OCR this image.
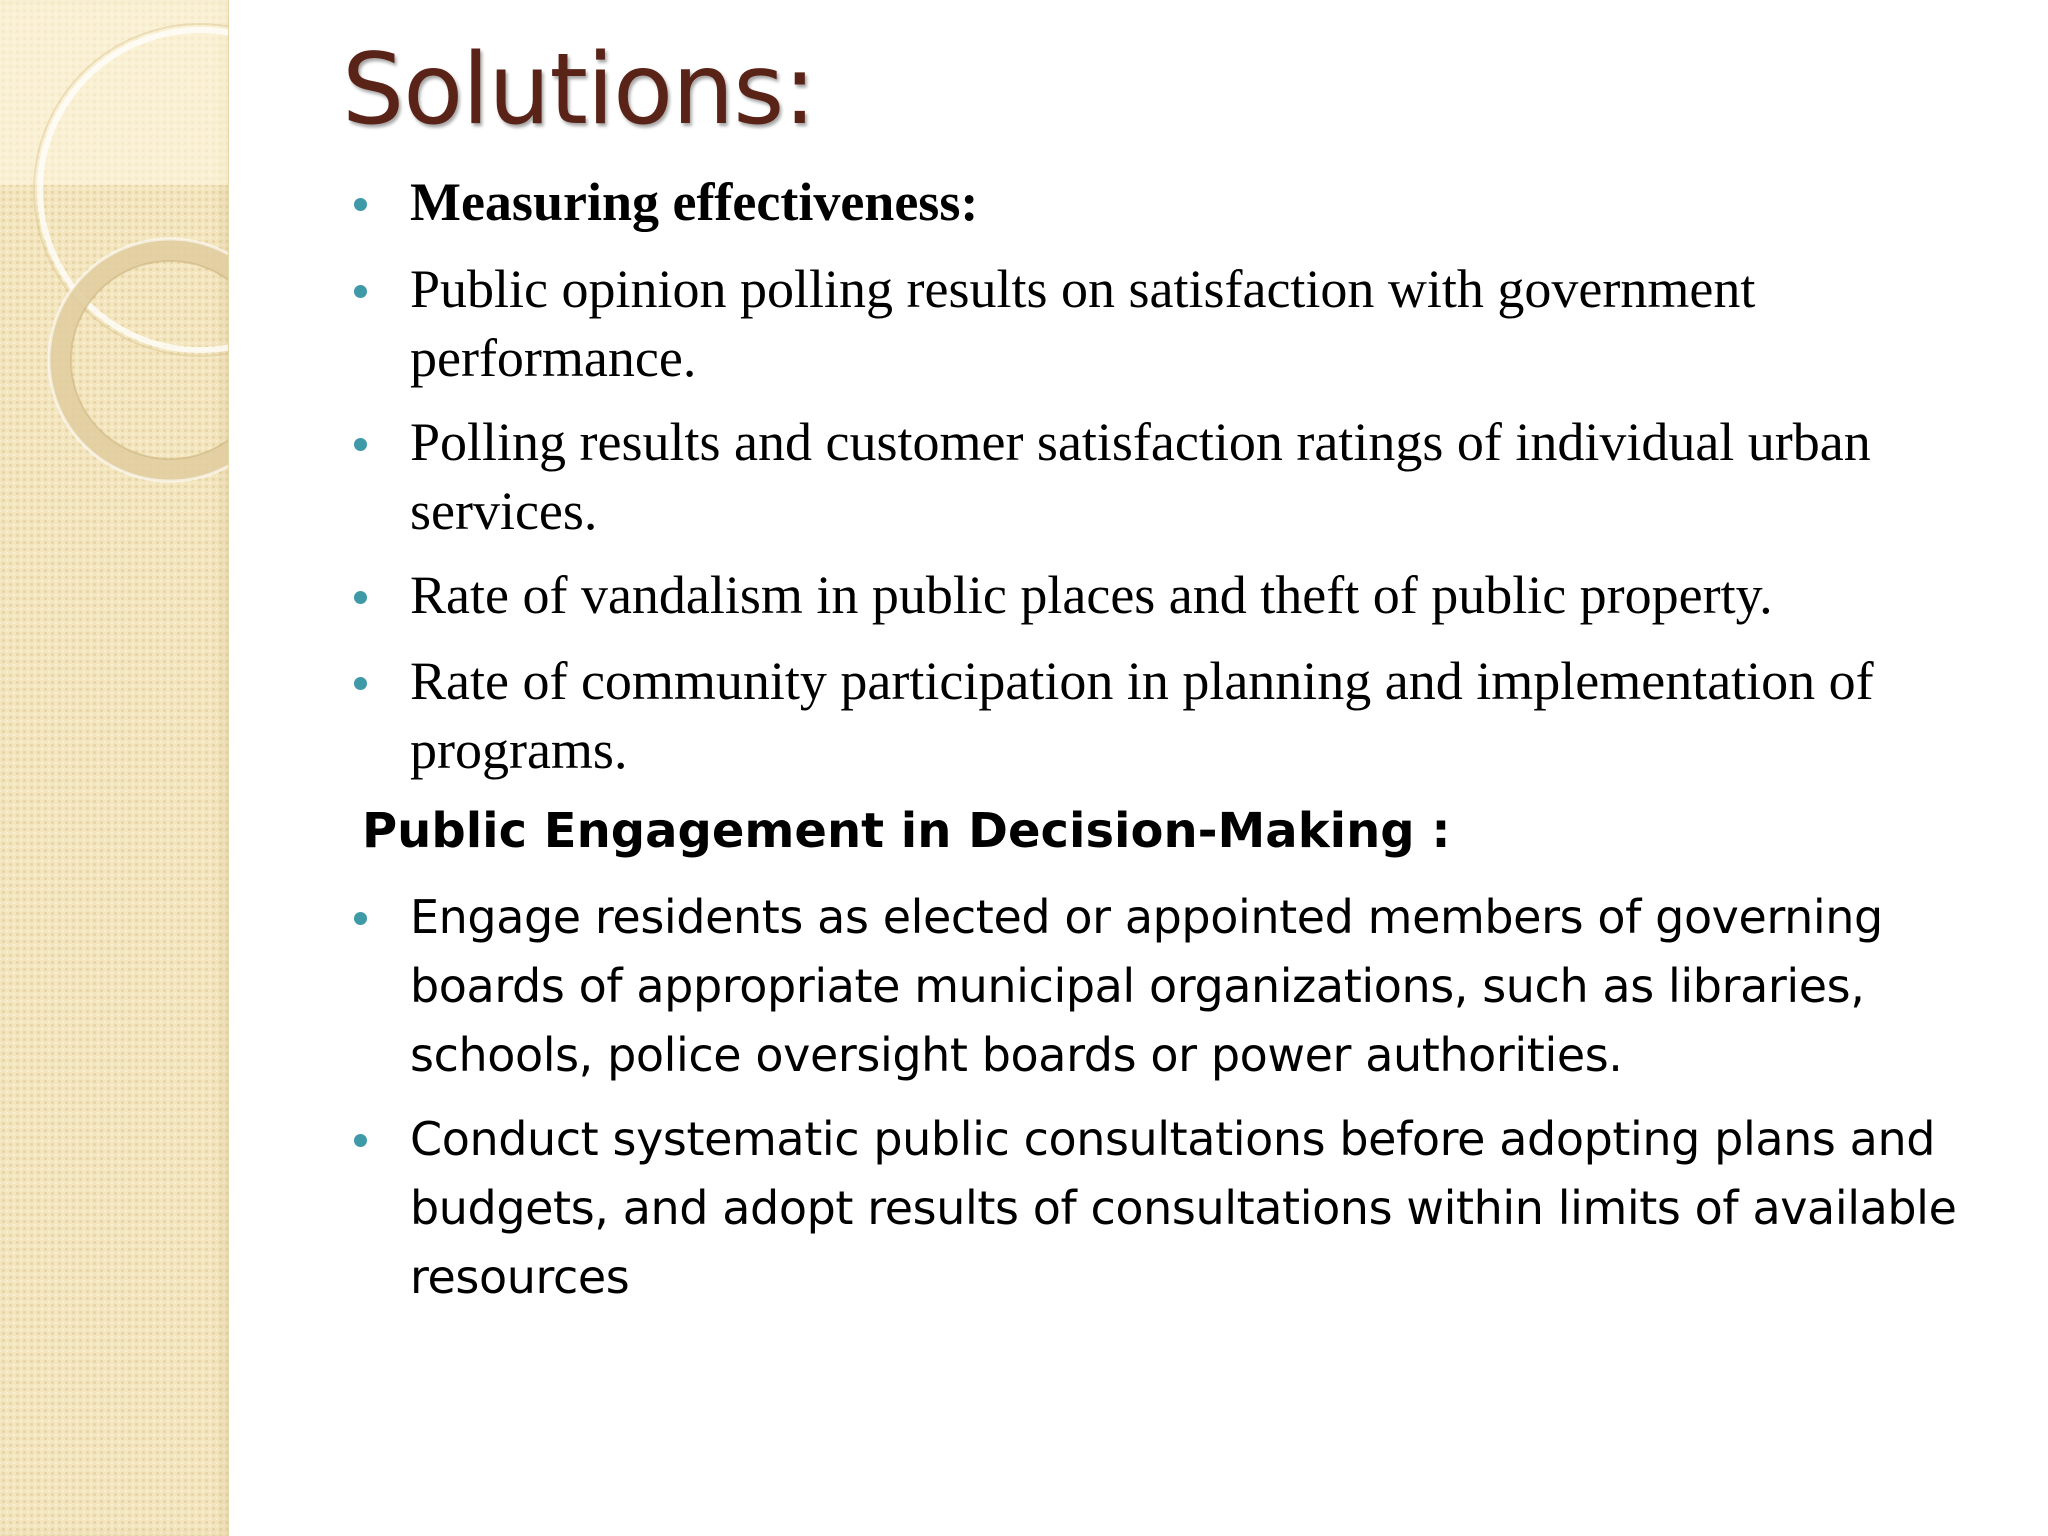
Solutions:
Measuring effectiveness:
Public opinion polling results on satisfaction with government performance.
Polling results and customer satisfaction ratings of individual urban services.
Rate of vandalism in public places and theft of public property.
Rate of community participation in planning and implementation of programs.
Public Engagement in Decision-Making :
Engage residents as elected or appointed members of governing boards of appropriate municipal organizations, such as libraries, schools, police oversight boards or power authorities.
Conduct systematic public consultations before adopting plans and budgets, and adopt results of consultations within limits of available resources
